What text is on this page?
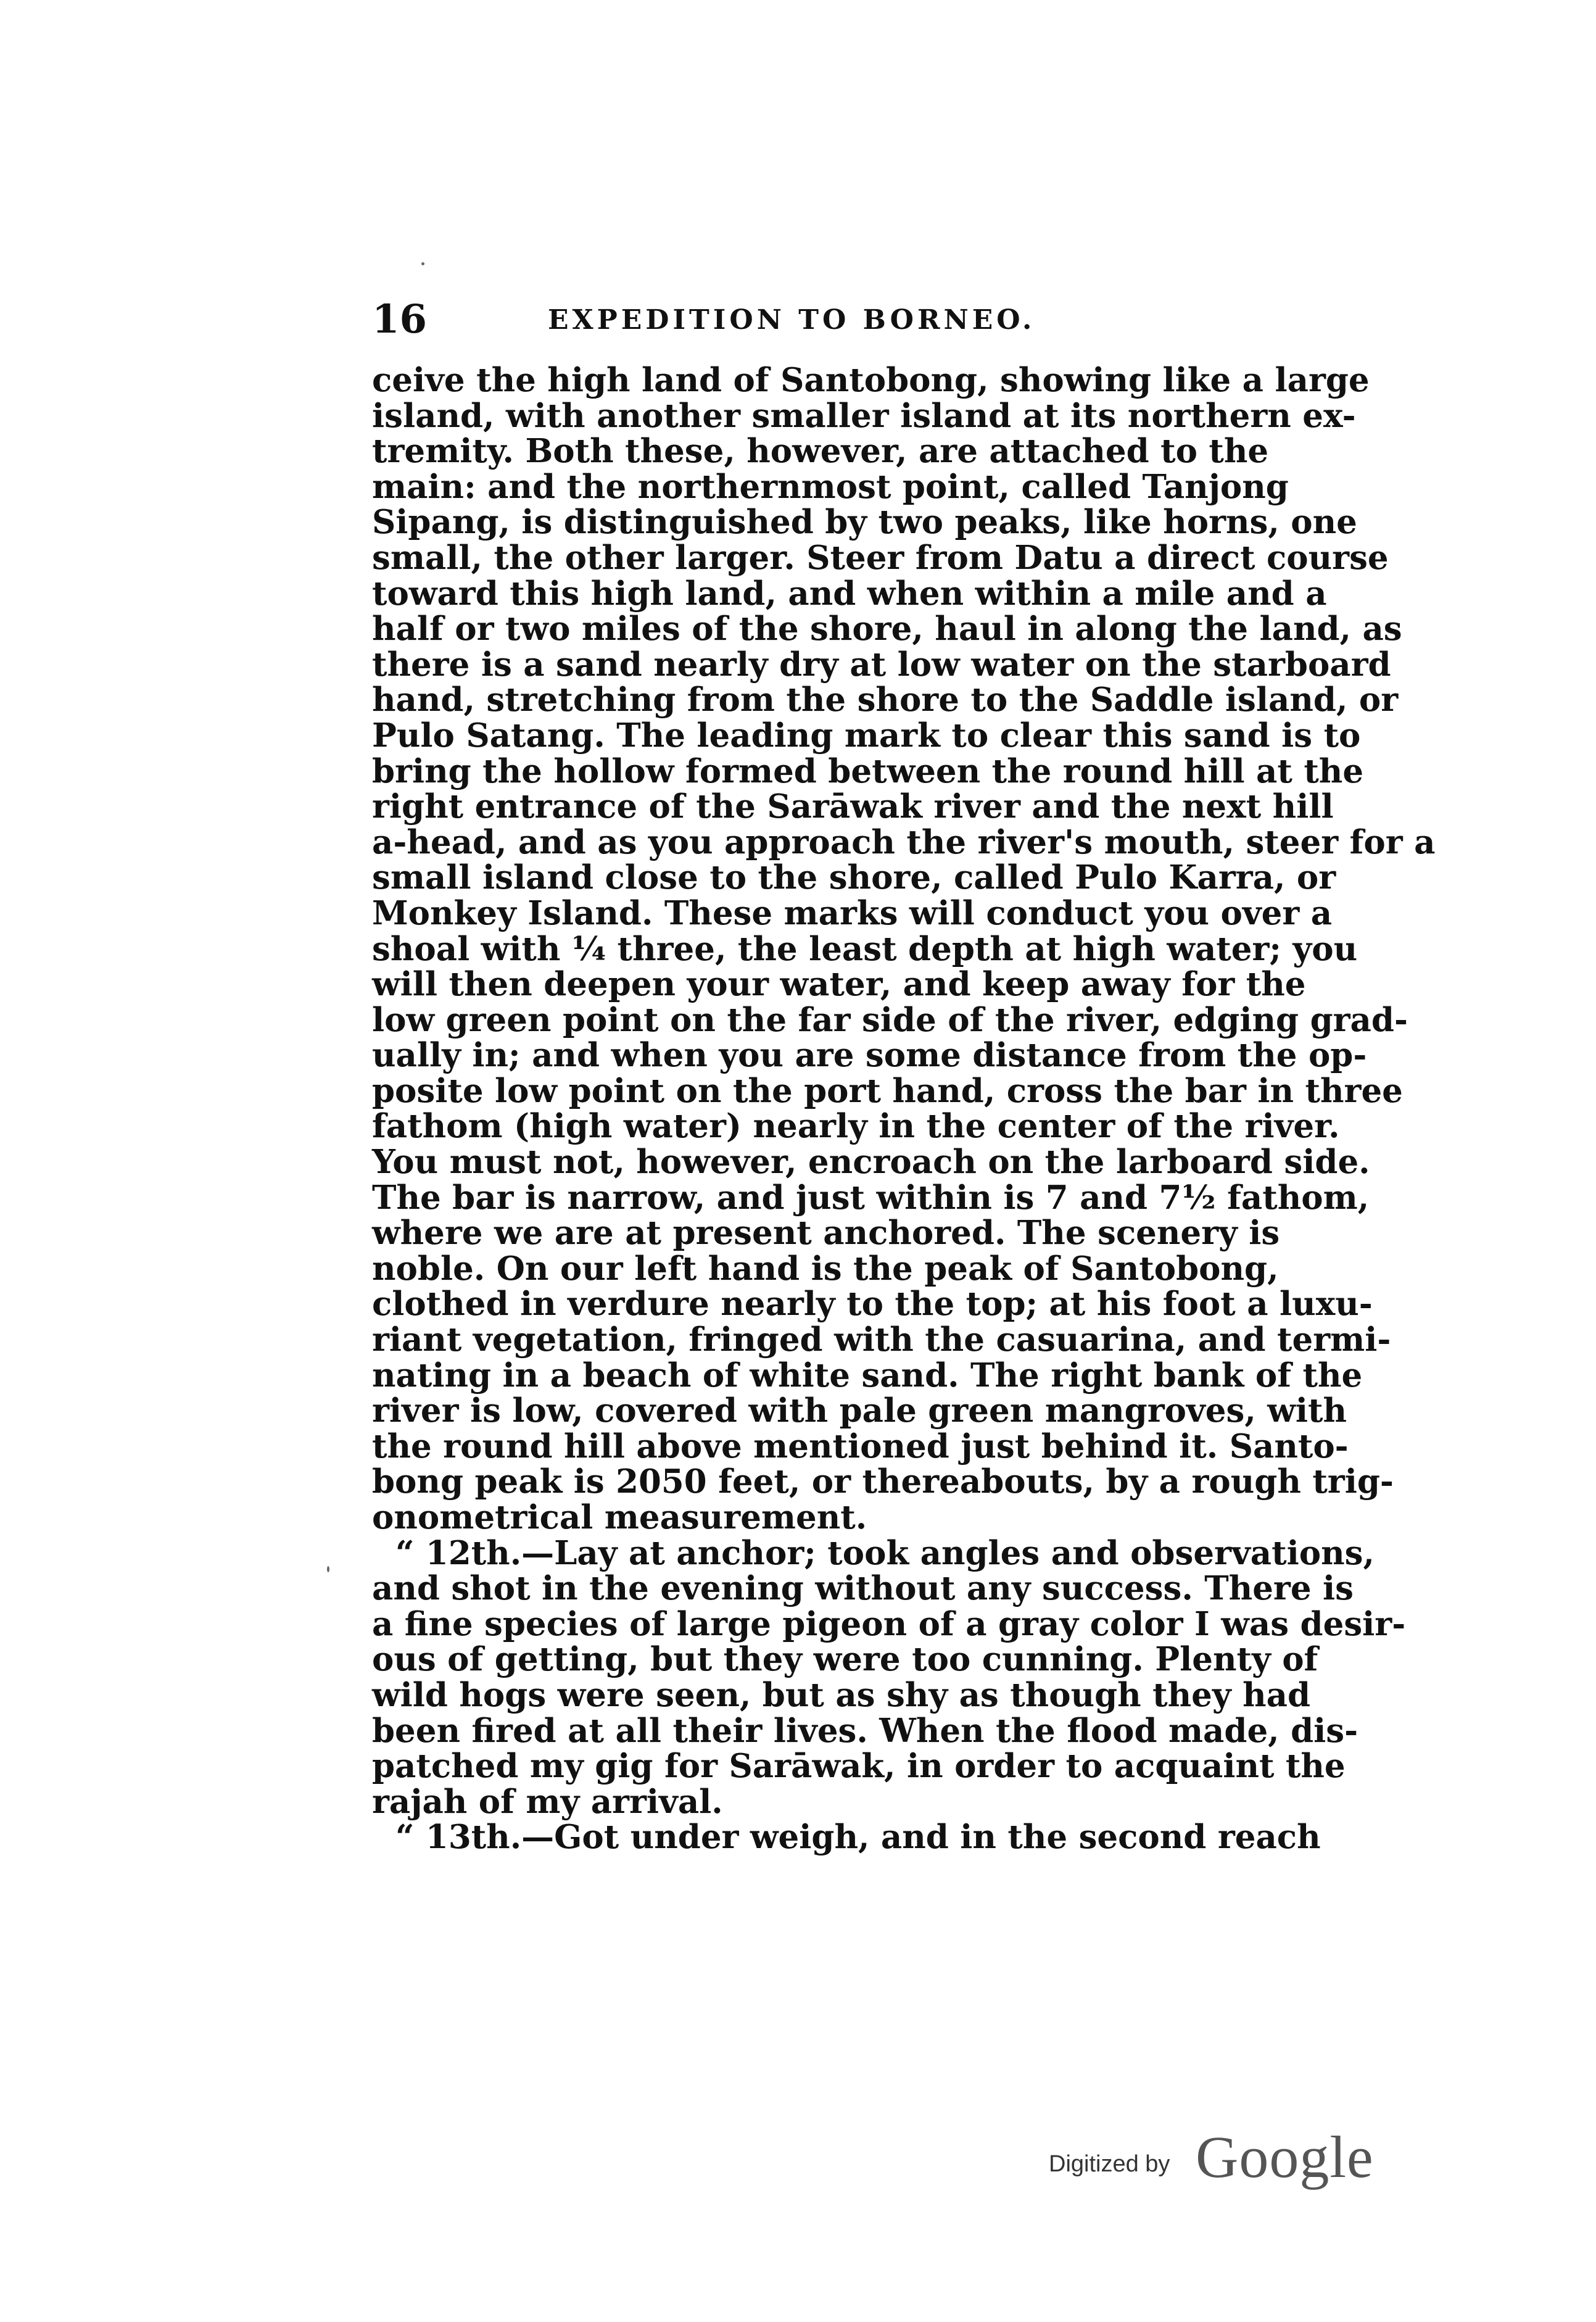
16	EXPEDITION TO BORNEO.
ceive the high land of Santobong, showing like a large
island, with another smaller island at its northern ex-
tremity. Both these, however, are attached to the
main: and the northernmost point, called Tanjong
Sipang, is distinguished by two peaks, like horns, one
small, the other larger. Steer from Datu a direct course
toward this high land, and when within a mile and a
half or two miles of the shore, haul in along the land, as
there is a sand nearly dry at low water on the starboard
hand, stretching from the shore to the Saddle island, or
Pulo Satang. The leading mark to clear this sand is to
bring the hollow formed between the round hill at the
right entrance of the Sarāwak river and the next hill
a-head, and as you approach the river's mouth, steer for a
small island close to the shore, called Pulo Karra, or
Monkey Island. These marks will conduct you over a
shoal with ¼ three, the least depth at high water; you
will then deepen your water, and keep away for the
low green point on the far side of the river, edging grad-
ually in; and when you are some distance from the op-
posite low point on the port hand, cross the bar in three
fathom (high water) nearly in the center of the river.
You must not, however, encroach on the larboard side.
The bar is narrow, and just within is 7 and 7½ fathom,
where we are at present anchored. The scenery is
noble. On our left hand is the peak of Santobong,
clothed in verdure nearly to the top; at his foot a luxu-
riant vegetation, fringed with the casuarina, and termi-
nating in a beach of white sand. The right bank of the
river is low, covered with pale green mangroves, with
the round hill above mentioned just behind it. Santo-
bong peak is 2050 feet, or thereabouts, by a rough trig-
onometrical measurement.
“ 12th.—Lay at anchor; took angles and observations,
and shot in the evening without any success. There is
a fine species of large pigeon of a gray color I was desir-
ous of getting, but they were too cunning. Plenty of
wild hogs were seen, but as shy as though they had
been fired at all their lives. When the flood made, dis-
patched my gig for Sarāwak, in order to acquaint the
rajah of my arrival.
“ 13th.—Got under weigh, and in the second reach
Digitized by Google
